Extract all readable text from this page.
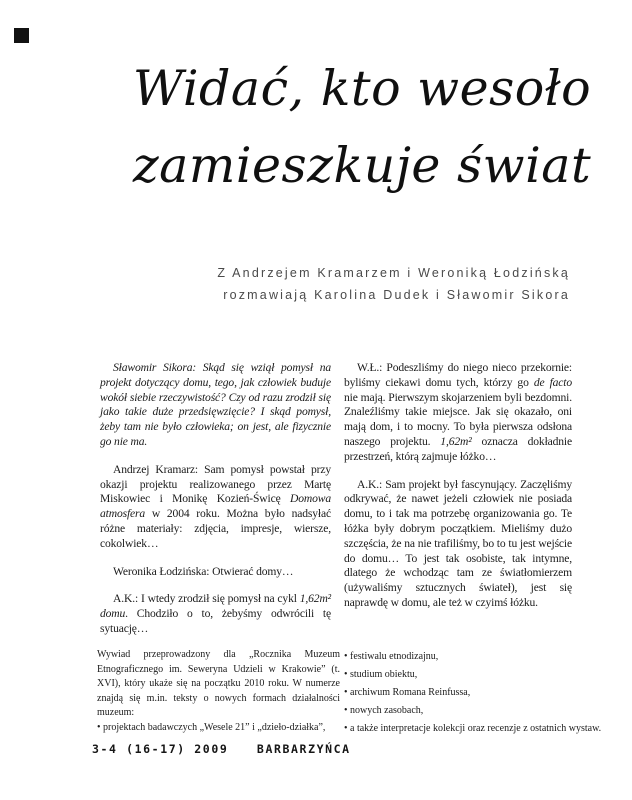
Widać, kto wesoło
zamieszkuje świat
Z Andrzejem Kramarzem i Weroniką Łodzińską
rozmawiają Karolina Dudek i Sławomir Sikora

Sławomir Sikora: Skąd się wziął pomysł na projekt dotyczący domu, tego, jak człowiek buduje wokół siebie rzeczywistość? Czy od razu zrodził się jako takie duże przedsięwzięcie? I skąd pomysł, żeby tam nie było człowieka; on jest, ale fizycznie go nie ma.

Andrzej Kramarz: Sam pomysł powstał przy okazji projektu realizowanego przez Martę Miskowiec i Monikę Kozień-Świcę Domowa atmosfera w 2004 roku. Można było nadsyłać różne materiały: zdjęcia, impresje, wiersze, cokolwiek…

Weronika Łodzińska: Otwierać domy…

A.K.: I wtedy zrodził się pomysł na cykl 1,62m² domu. Chodziło o to, żebyśmy odwrócili tę sytuację…

W.Ł.: Podeszliśmy do niego nieco przekornie: byliśmy ciekawi domu tych, którzy go de facto nie mają. Pierwszym skojarzeniem byli bezdomni. Znaleźliśmy takie miejsce. Jak się okazało, oni mają dom, i to mocny. To była pierwsza odsłona naszego projektu. 1,62m² oznacza dokładnie przestrzeń, którą zajmuje łóżko…

A.K.: Sam projekt był fascynujący. Zaczęliśmy odkrywać, że nawet jeżeli człowiek nie posiada domu, to i tak ma potrzebę organizowania go. Te łóżka były dobrym początkiem. Mieliśmy dużo szczęścia, że na nie trafiliśmy, bo to tu jest wejście do domu… To jest tak osobiste, tak intymne, dlatego że wchodząc tam ze światłomierzem (używaliśmy sztucznych świateł), jest się naprawdę w domu, ale też w czyimś łóżku.

Wywiad przeprowadzony dla „Rocznika Muzeum Etnograficznego im. Seweryna Udzieli w Krakowie” (t. XVI), który ukaże się na początku 2010 roku. W numerze znajdą się m.in. teksty o nowych formach działalności muzeum:
• projektach badawczych „Wesele 21” i „dzieło-działka”,
• festiwalu etnodizajnu,
• studium obiektu,
• archiwum Romana Reinfussa,
• nowych zasobach,
• a także interpretacje kolekcji oraz recenzje z ostatnich wystaw.
3-4 (16-17) 2009 BARBARZYŃCA
